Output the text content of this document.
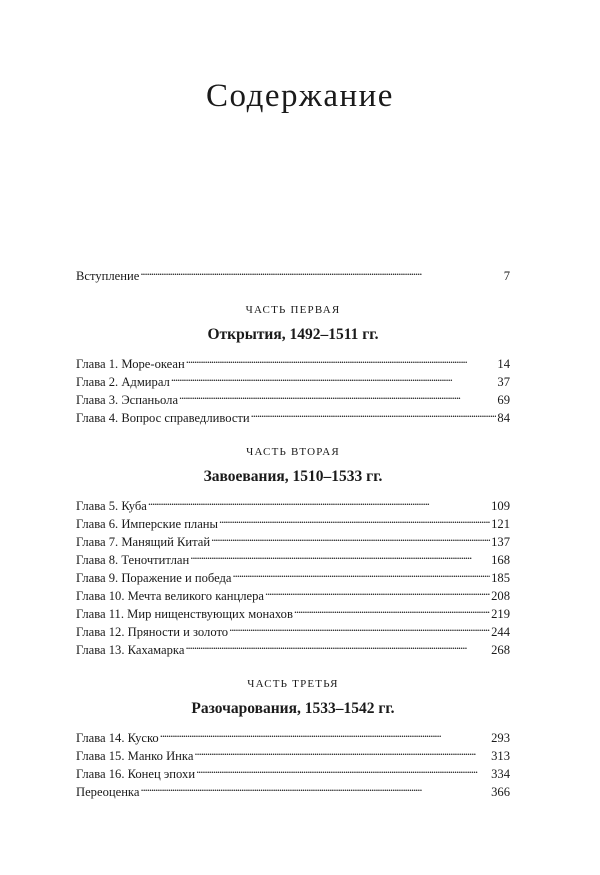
Содержание
Вступление . . .	7
ЧАСТЬ ПЕРВАЯ
Открытия, 1492–1511 гг.
Глава 1. Море-океан . . .	14
Глава 2. Адмирал . . .	37
Глава 3. Эспаньола . . .	69
Глава 4. Вопрос справедливости . . .	84
ЧАСТЬ ВТОРАЯ
Завоевания, 1510–1533 гг.
Глава 5. Куба . . .	109
Глава 6. Имперские планы . . .	121
Глава 7. Манящий Китай . . .	137
Глава 8. Теночтитлан . . .	168
Глава 9. Поражение и победа . . .	185
Глава 10. Мечта великого канцлера . . .	208
Глава 11. Мир нищенствующих монахов . . .	219
Глава 12. Пряности и золото . . .	244
Глава 13. Кахамарка . . .	268
ЧАСТЬ ТРЕТЬЯ
Разочарования, 1533–1542 гг.
Глава 14. Куско . . .	293
Глава 15. Манко Инка . . .	313
Глава 16. Конец эпохи . . .	334
Переоценка . . .	366
